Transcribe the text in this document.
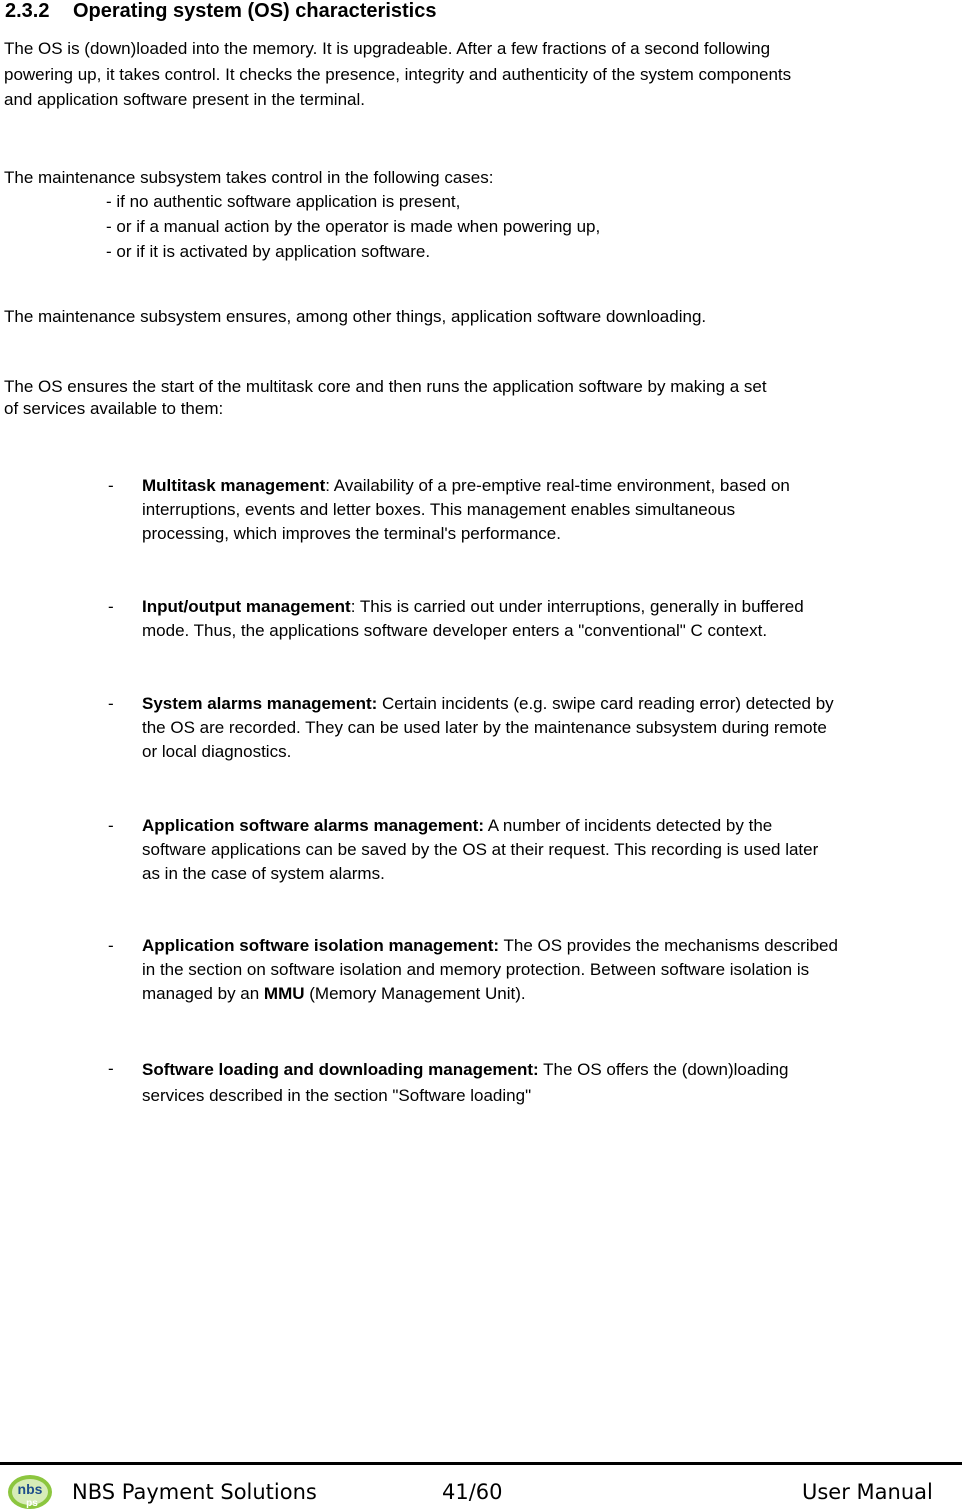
2.3.2 Operating system (OS) characteristics
The OS is (down)loaded into the memory. It is upgradeable. After a few fractions of a second following
powering up, it takes control. It checks the presence, integrity and authenticity of the system components
and application software present in the terminal.
The maintenance subsystem takes control in the following cases:
- if no authentic software application is present,
- or if a manual action by the operator is made when powering up,
- or if it is activated by application software.
The maintenance subsystem ensures, among other things, application software downloading.
The OS ensures the start of the multitask core and then runs the application software by making a set
of services available to them:
- Multitask management: Availability of a pre-emptive real-time environment, based on
interruptions, events and letter boxes. This management enables simultaneous
processing, which improves the terminal's performance.
- Input/output management: This is carried out under interruptions, generally in buffered
mode. Thus, the applications software developer enters a "conventional" C context.
- System alarms management: Certain incidents (e.g. swipe card reading error) detected by
the OS are recorded. They can be used later by the maintenance subsystem during remote
or local diagnostics.
- Application software alarms management: A number of incidents detected by the
software applications can be saved by the OS at their request. This recording is used later
as in the case of system alarms.
- Application software isolation management: The OS provides the mechanisms described
in the section on software isolation and memory protection. Between software isolation is
managed by an MMU (Memory Management Unit).
- Software loading and downloading management: The OS offers the (down)loading
services described in the section "Software loading"
nbs
ps NBS Payment Solutions	41/60	User Manual
